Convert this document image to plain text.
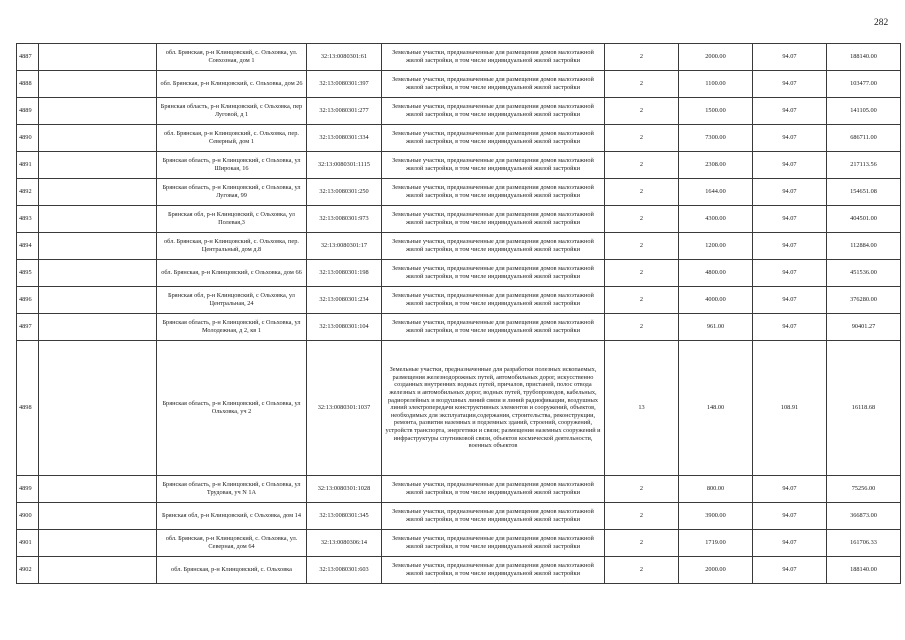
282
4887		обл. Брянская, р-н Клинцовский, с. Ольховка, ул. Совхозная, дом 1	32:13:0080301:61	Земельные участки, предназначенные для размещения домов малоэтажной жилой застройки, в том числе индивидуальной жилой застройки	2	2000.00	94.07	188140.00
4888		обл. Брянская, р-н Клинцовский, с. Ольховка, дом 26	32:13:0080301:397	Земельные участки, предназначенные для размещения домов малоэтажной жилой застройки, в том числе индивидуальной жилой застройки	2	1100.00	94.07	103477.00
4889		Брянская область, р-н Клинцовский, с Ольховка, пер Луговой, д 1	32:13:0080301:277	Земельные участки, предназначенные для размещения домов малоэтажной жилой застройки, в том числе индивидуальной жилой застройки	2	1500.00	94.07	141105.00
4890		обл. Брянская, р-н Клинцовский, с. Ольховка, пер. Северный, дом 1	32:13:0080301:334	Земельные участки, предназначенные для размещения домов малоэтажной жилой застройки, в том числе индивидуальной жилой застройки	2	7300.00	94.07	686711.00
4891		Брянская область, р-н Клинцовский, с Ольховка, ул Широкая, 16	32:13:0080301:1115	Земельные участки, предназначенные для размещения домов малоэтажной жилой застройки, в том числе индивидуальной жилой застройки	2	2308.00	94.07	217113.56
4892		Брянская область, р-н Клинцовский, с Ольховка, ул Луговая, 99	32:13:0080301:250	Земельные участки, предназначенные для размещения домов малоэтажной жилой застройки, в том числе индивидуальной жилой застройки	2	1644.00	94.07	154651.08
4893		Брянская обл, р-н Клинцовский, с Ольховка, ул Полевая,3	32:13:0080301:973	Земельные участки, предназначенные для размещения домов малоэтажной жилой застройки, в том числе индивидуальной жилой застройки	2	4300.00	94.07	404501.00
4894		обл. Брянская, р-н Клинцовский, с. Ольховка, пер. Центральный, дом д.8	32:13:0080301:17	Земельные участки, предназначенные для размещения домов малоэтажной жилой застройки, в том числе индивидуальной жилой застройки	2	1200.00	94.07	112884.00
4895		обл. Брянская, р-н Клинцовский, с Ольховка, дом 66	32:13:0080301:198	Земельные участки, предназначенные для размещения домов малоэтажной жилой застройки, в том числе индивидуальной жилой застройки	2	4800.00	94.07	451536.00
4896		Брянская обл, р-н Клинцовский, с Ольховка, ул Центральная, 24	32:13:0080301:234	Земельные участки, предназначенные для размещения домов малоэтажной жилой застройки, в том числе индивидуальной жилой застройки	2	4000.00	94.07	376280.00
4897		Брянская область, р-н Клинцовский, с Ольховка, ул Молодежная, д 2, кв 1	32:13:0080301:104	Земельные участки, предназначенные для размещения домов малоэтажной жилой застройки, в том числе индивидуальной жилой застройки	2	961.00	94.07	90401.27
4898		Брянская область, р-н Клинцовский, с Ольховка, ул Ольховка, уч 2	32:13:0080301:1037	Земельные участки, предназначенные для разработки полезных ископаемых, размещения железнодорожных путей, автомобильных дорог, искусственно созданных внутренних водных путей, причалов, пристаней, полос отвода железных и автомобильных дорог, водных путей, трубопроводов, кабельных, радиорелейных и воздушных линий связи и линий радиофикации, воздушных линий электропередачи конструктивных элементов и сооружений, объектов, необходимых для эксплуатации,содержания, строительства, реконструкции, ремонта, развития наземных и подземных зданий, строений, сооружений, устройств транспорта, энергетики и связи; размещения наземных сооружений и инфраструктуры спутниковой связи, объектов космической деятельности, военных объектов	13	148.00	108.91	16118.68
4899		Брянская область, р-н Клинцовский, с Ольховка, ул Трудовая, уч N 1А	32:13:0080301:1028	Земельные участки, предназначенные для размещения домов малоэтажной жилой застройки, в том числе индивидуальной жилой застройки	2	800.00	94.07	75256.00
4900		Брянская обл, р-н Клинцовский, с Ольховка, дом 14	32:13:0080301:345	Земельные участки, предназначенные для размещения домов малоэтажной жилой застройки, в том числе индивидуальной жилой застройки	2	3900.00	94.07	366873.00
4901		обл. Брянская, р-н Клинцовский, с. Ольховка, ул. Северная, дом 64	32:13:0080306:14	Земельные участки, предназначенные для размещения домов малоэтажной жилой застройки, в том числе индивидуальной жилой застройки	2	1719.00	94.07	161706.33
4902		обл. Брянская, р-н Клинцовский, с. Ольховка	32:13:0080301:603	Земельные участки, предназначенные для размещения домов малоэтажной жилой застройки, в том числе индивидуальной жилой застройки	2	2000.00	94.07	188140.00
